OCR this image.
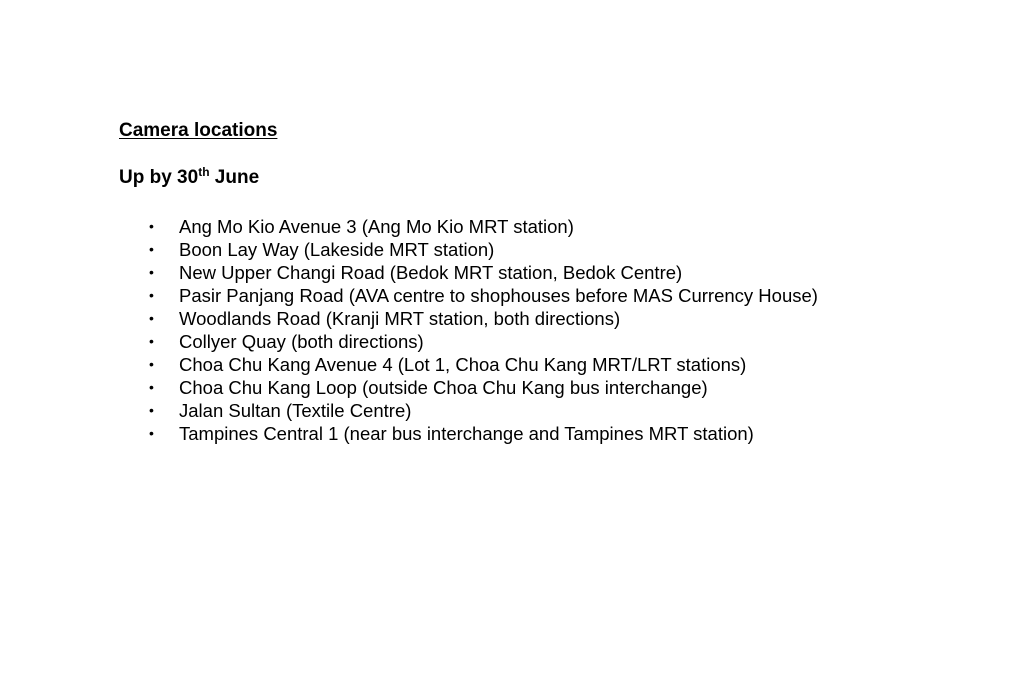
Camera locations
Up by 30th June
• Ang Mo Kio Avenue 3 (Ang Mo Kio MRT station)
• Boon Lay Way (Lakeside MRT station)
• New Upper Changi Road (Bedok MRT station, Bedok Centre)
• Pasir Panjang Road (AVA centre to shophouses before MAS Currency House)
• Woodlands Road (Kranji MRT station, both directions)
• Collyer Quay (both directions)
• Choa Chu Kang Avenue 4 (Lot 1, Choa Chu Kang MRT/LRT stations)
• Choa Chu Kang Loop (outside Choa Chu Kang bus interchange)
• Jalan Sultan (Textile Centre)
• Tampines Central 1 (near bus interchange and Tampines MRT station)
